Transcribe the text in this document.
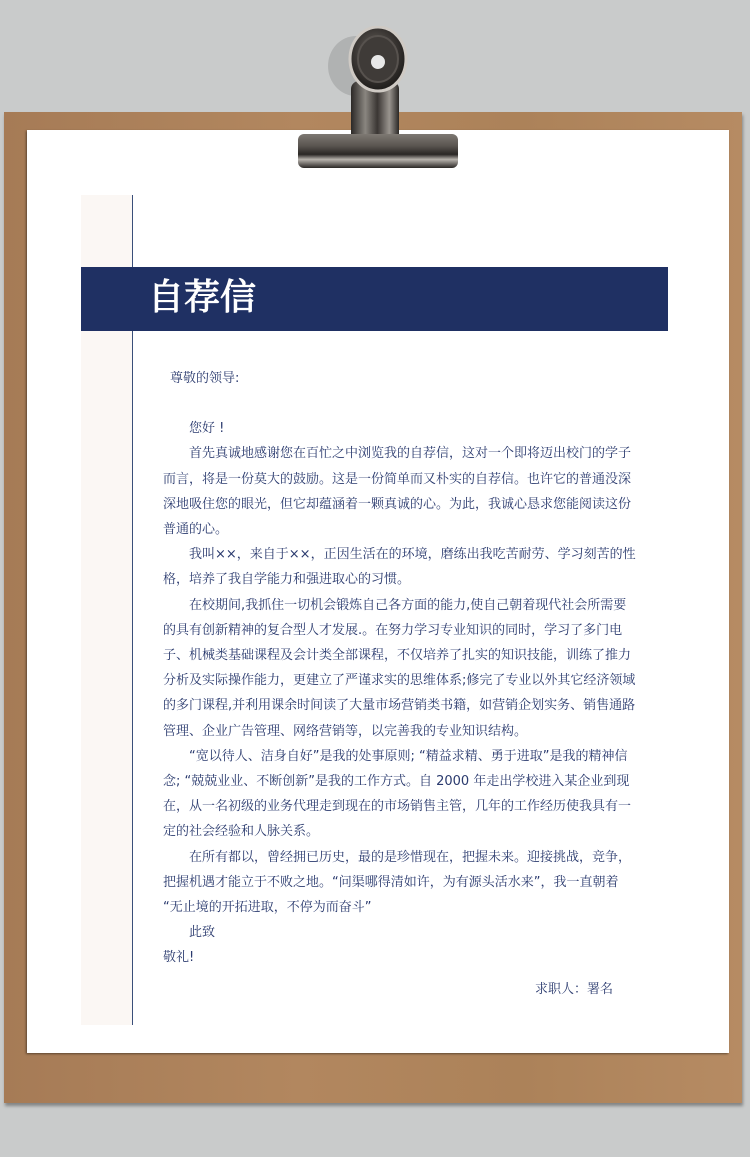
自荐信

尊敬的领导:

您好 !

首先真诚地感谢您在百忙之中浏览我的自荐信，这对一个即将迈出校门的学子而言，将是一份莫大的鼓励。这是一份简单而又朴实的自荐信。也许它的普通没深深地吸住您的眼光，但它却蕴涵着一颗真诚的心。为此，我诚心恳求您能阅读这份普通的心。

我叫××，来自于××，正因生活在的环境，磨练出我吃苦耐劳、学习刻苦的性格，培养了我自学能力和强进取心的习惯。

在校期间,我抓住一切机会锻炼自己各方面的能力,使自己朝着现代社会所需要的具有创新精神的复合型人才发展.。在努力学习专业知识的同时，学习了多门电子、机械类基础课程及会计类全部课程，不仅培养了扎实的知识技能，训练了推力分析及实际操作能力，更建立了严谨求实的思维体系;修完了专业以外其它经济领域的多门课程,并利用课余时间读了大量市场营销类书籍，如营销企划实务、销售通路管理、企业广告管理、网络营销等，以完善我的专业知识结构。

“宽以待人、洁身自好”是我的处事原则; “精益求精、勇于进取”是我的精神信念; “兢兢业业、不断创新”是我的工作方式。自 2000 年走出学校进入某企业到现在，从一名初级的业务代理走到现在的市场销售主管，几年的工作经历使我具有一定的社会经验和人脉关系。

在所有都以，曾经拥已历史，最的是珍惜现在，把握未来。迎接挑战，竞争，把握机遇才能立于不败之地。“问渠哪得清如许，为有源头活水来”，我一直朝着 “无止境的开拓进取，不停为而奋斗”

此致

敬礼!

求职人：署名
